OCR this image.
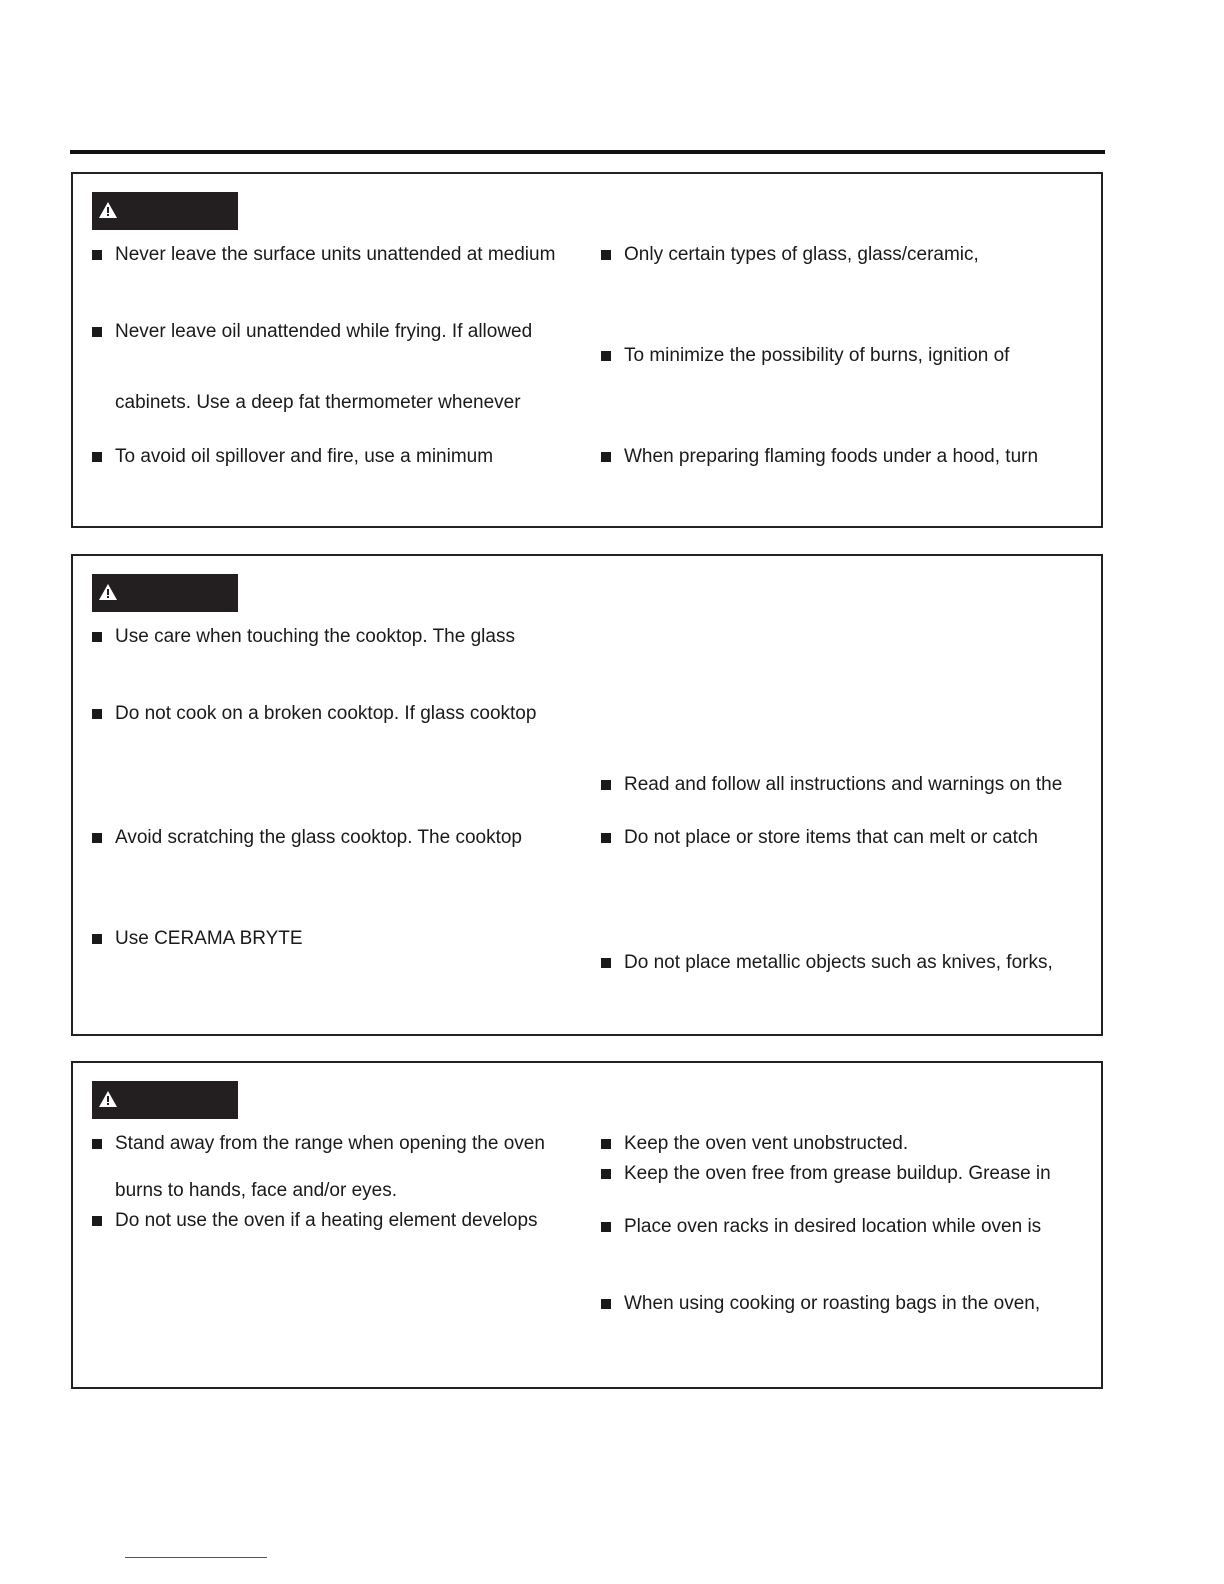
Never leave the surface units unattended at medium
Never leave oil unattended while frying. If allowed
cabinets. Use a deep fat thermometer whenever
To avoid oil spillover and fire, use a minimum
Only certain types of glass, glass/ceramic,
To minimize the possibility of burns, ignition of
When preparing flaming foods under a hood, turn
Use care when touching the cooktop. The glass
Do not cook on a broken cooktop. If glass cooktop
Avoid scratching the glass cooktop. The cooktop
Use CERAMA BRYTE
Read and follow all instructions and warnings on the
Do not place or store items that can melt or catch
Do not place metallic objects such as knives, forks,
Stand away from the range when opening the oven
burns to hands, face and/or eyes.
Do not use the oven if a heating element develops
Keep the oven vent unobstructed.
Keep the oven free from grease buildup. Grease in
Place oven racks in desired location while oven is
When using cooking or roasting bags in the oven,
